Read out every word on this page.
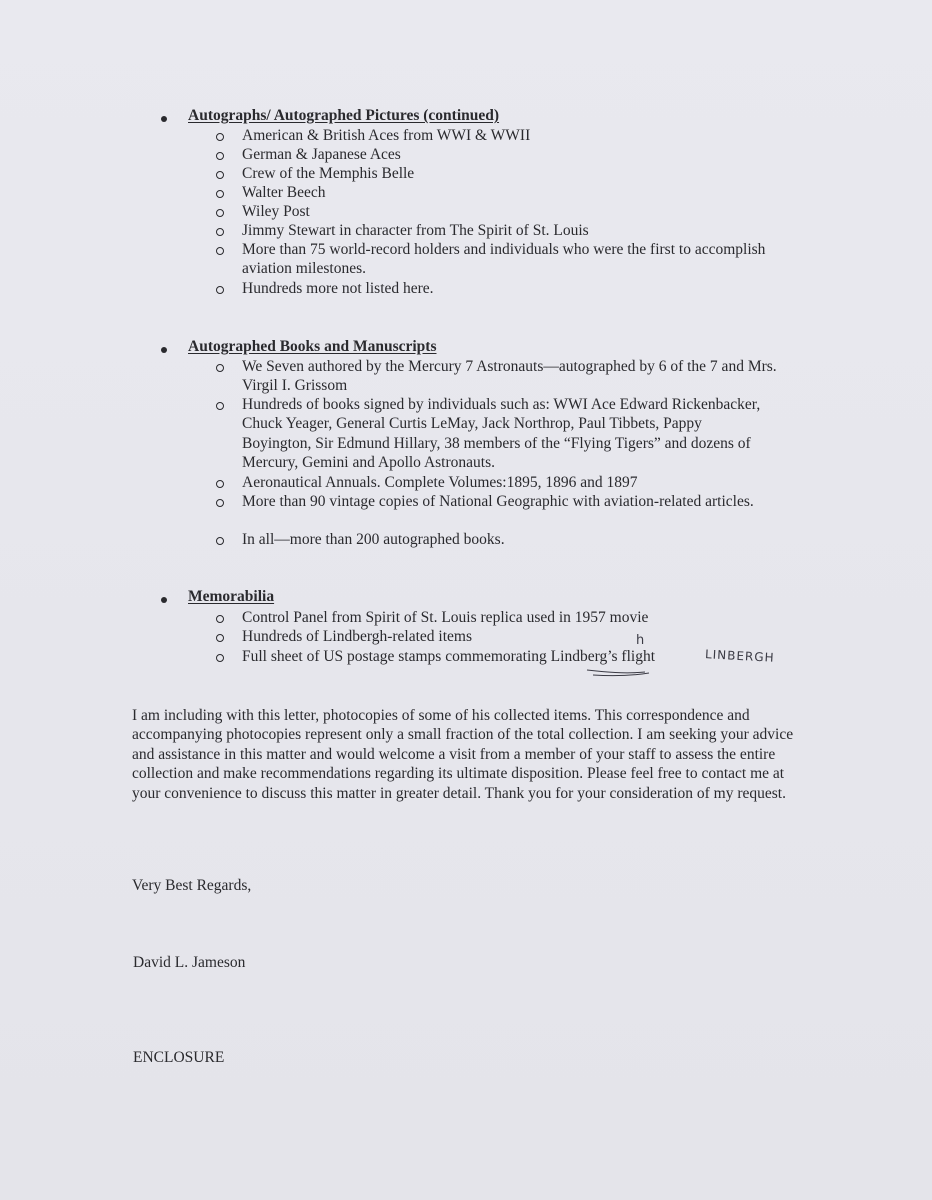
Autographs/ Autographed Pictures (continued)
American & British Aces from WWI & WWII
German & Japanese Aces
Crew of the Memphis Belle
Walter Beech
Wiley Post
Jimmy Stewart in character from The Spirit of St. Louis
More than 75 world-record holders and individuals who were the first to accomplish aviation milestones.
Hundreds more not listed here.
Autographed Books and Manuscripts
We Seven authored by the Mercury 7 Astronauts—autographed by 6 of the 7 and Mrs. Virgil I. Grissom
Hundreds of books signed by individuals such as: WWI Ace Edward Rickenbacker, Chuck Yeager, General Curtis LeMay, Jack Northrop, Paul Tibbets, Pappy Boyington, Sir Edmund Hillary, 38 members of the “Flying Tigers” and dozens of Mercury, Gemini and Apollo Astronauts.
Aeronautical Annuals. Complete Volumes:1895, 1896 and 1897
More than 90 vintage copies of National Geographic with aviation-related articles.
In all—more than 200 autographed books.
Memorabilia
Control Panel from Spirit of St. Louis replica used in 1957 movie
Hundreds of Lindbergh-related items
Full sheet of US postage stamps commemorating Lindberg’s flight
h
LINBERGH
I am including with this letter, photocopies of some of his collected items. This correspondence and accompanying photocopies represent only a small fraction of the total collection. I am seeking your advice and assistance in this matter and would welcome a visit from a member of your staff to assess the entire collection and make recommendations regarding its ultimate disposition. Please feel free to contact me at your convenience to discuss this matter in greater detail. Thank you for your consideration of my request.
Very Best Regards,
David L. Jameson
ENCLOSURE
